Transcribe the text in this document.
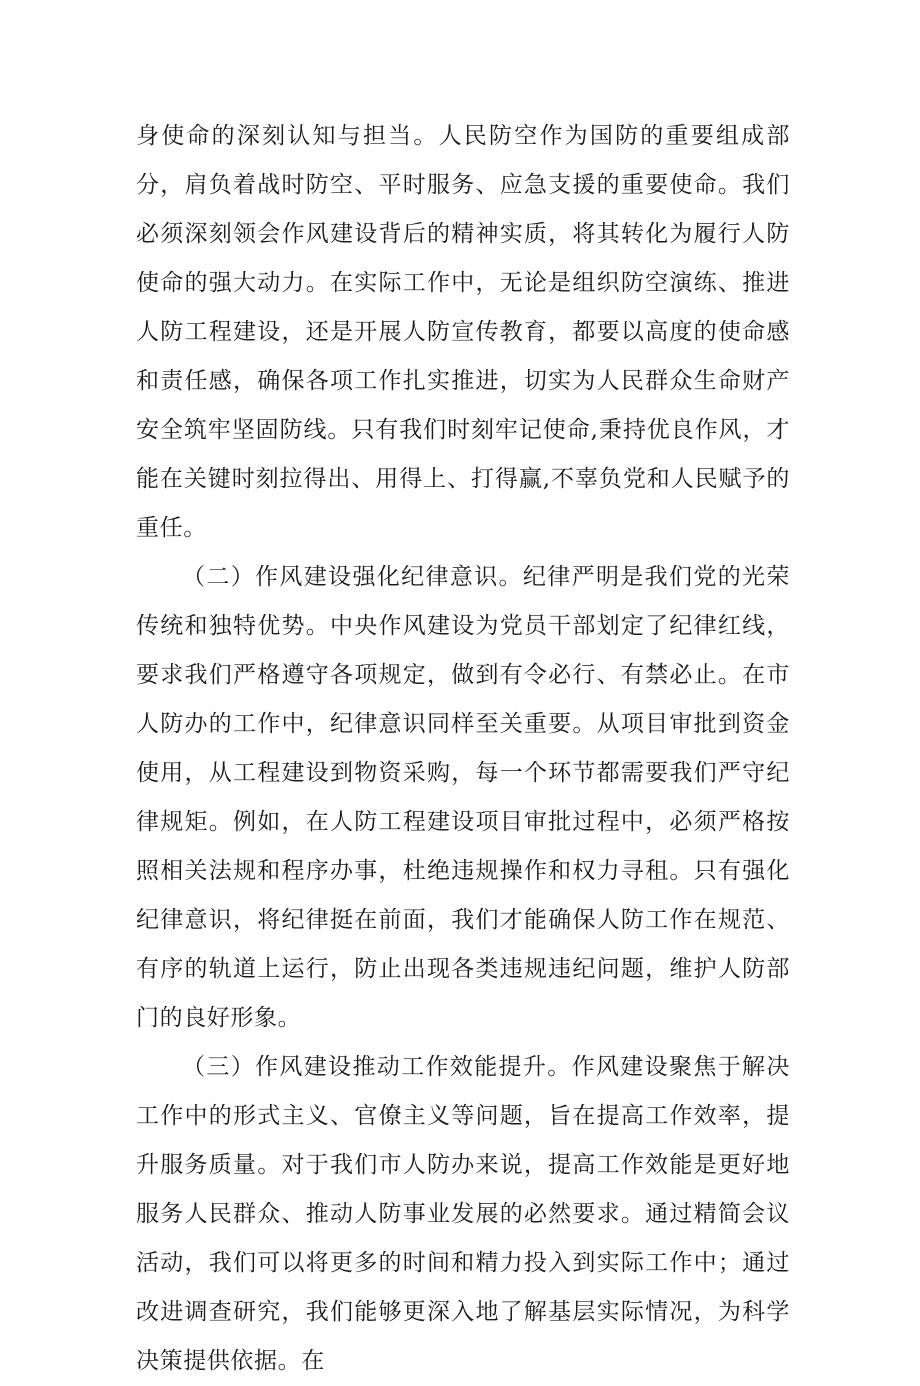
身使命的深刻认知与担当。人民防空作为国防的重要组成部分，肩负着战时防空、平时服务、应急支援的重要使命。我们必须深刻领会作风建设背后的精神实质，将其转化为履行人防使命的强大动力。在实际工作中，无论是组织防空演练、推进人防工程建设，还是开展人防宣传教育，都要以高度的使命感和责任感，确保各项工作扎实推进，切实为人民群众生命财产安全筑牢坚固防线。只有我们时刻牢记使命,秉持优良作风，才能在关键时刻拉得出、用得上、打得赢,不辜负党和人民赋予的重任。

（二）作风建设强化纪律意识。纪律严明是我们党的光荣传统和独特优势。中央作风建设为党员干部划定了纪律红线，要求我们严格遵守各项规定，做到有令必行、有禁必止。在市人防办的工作中，纪律意识同样至关重要。从项目审批到资金使用，从工程建设到物资采购，每一个环节都需要我们严守纪律规矩。例如，在人防工程建设项目审批过程中，必须严格按照相关法规和程序办事，杜绝违规操作和权力寻租。只有强化纪律意识，将纪律挺在前面，我们才能确保人防工作在规范、有序的轨道上运行，防止出现各类违规违纪问题，维护人防部门的良好形象。

（三）作风建设推动工作效能提升。作风建设聚焦于解决工作中的形式主义、官僚主义等问题，旨在提高工作效率，提升服务质量。对于我们市人防办来说，提高工作效能是更好地服务人民群众、推动人防事业发展的必然要求。通过精简会议活动，我们可以将更多的时间和精力投入到实际工作中；通过改进调查研究，我们能够更深入地了解基层实际情况，为科学决策提供依据。在
